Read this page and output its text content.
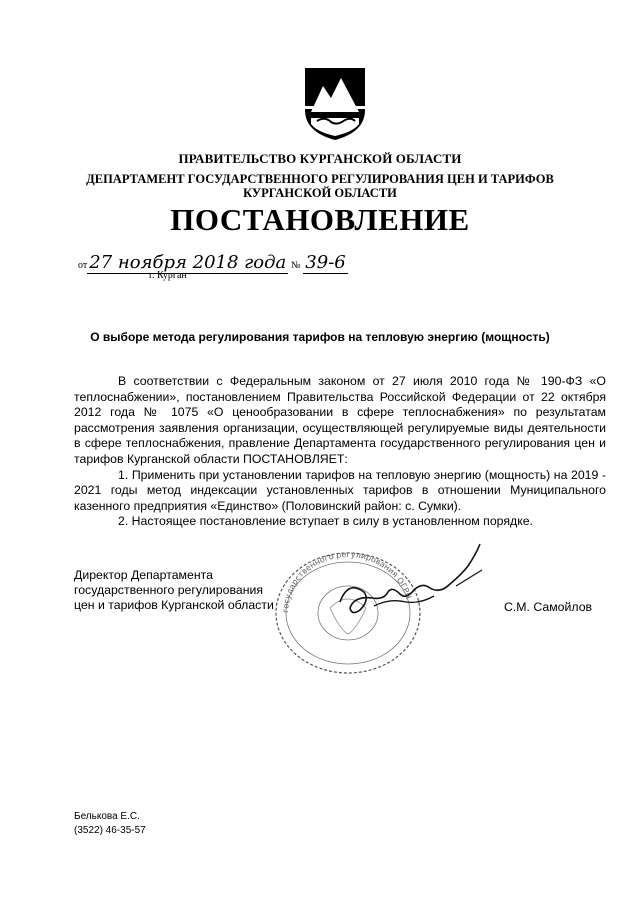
ПРАВИТЕЛЬСТВО КУРГАНСКОЙ ОБЛАСТИ
ДЕПАРТАМЕНТ ГОСУДАРСТВЕННОГО РЕГУЛИРОВАНИЯ ЦЕН И ТАРИФОВ
КУРГАНСКОЙ ОБЛАСТИ
ПОСТАНОВЛЕНИЕ
от 27 ноября 2018 года № 39-6
г. Курган
О выборе метода регулирования тарифов на тепловую энергию (мощность)

В соответствии с Федеральным законом от 27 июля 2010 года № 190-ФЗ «О теплоснабжении», постановлением Правительства Российской Федерации от 22 октября 2012 года № 1075 «О ценообразовании в сфере теплоснабжения» по результатам рассмотрения заявления организации, осуществляющей регулируемые виды деятельности в сфере теплоснабжения, правление Департамента государственного регулирования цен и тарифов Курганской области ПОСТАНОВЛЯЕТ:

1. Применить при установлении тарифов на тепловую энергию (мощность) на 2019 - 2021 годы метод индексации установленных тарифов в отношении Муниципального казенного предприятия «Единство» (Половинский район: с. Сумки).

2. Настоящее постановление вступает в силу в установленном порядке.

государственного регулирования ОГРН
Директор Департамента
государственного регулирования
цен и тарифов Курганской области	С.М. Самойлов
Белькова Е.С.
(3522) 46-35-57
